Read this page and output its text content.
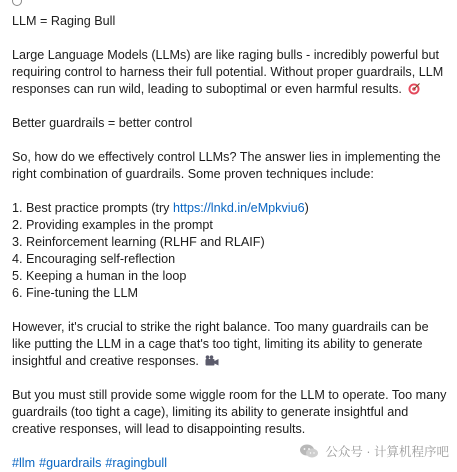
LLM = Raging Bull

Large Language Models (LLMs) are like raging bulls - incredibly powerful but requiring control to harness their full potential. Without proper guardrails, LLM responses can run wild, leading to suboptimal or even harmful results.

Better guardrails = better control

So, how do we effectively control LLMs? The answer lies in implementing the right combination of guardrails. Some proven techniques include:

1. Best practice prompts (try https://lnkd.in/eMpkviu6)

2. Providing examples in the prompt

3. Reinforcement learning (RLHF and RLAIF)

4. Encouraging self-reflection

5. Keeping a human in the loop

6. Fine-tuning the LLM

However, it's crucial to strike the right balance. Too many guardrails can be like putting the LLM in a cage that's too tight, limiting its ability to generate insightful and creative responses.

But you must still provide some wiggle room for the LLM to operate. Too many guardrails (too tight a cage), limiting its ability to generate insightful and creative responses, will lead to disappointing results.

#llm #guardrails #ragingbull

公众号 · 计算机程序吧
